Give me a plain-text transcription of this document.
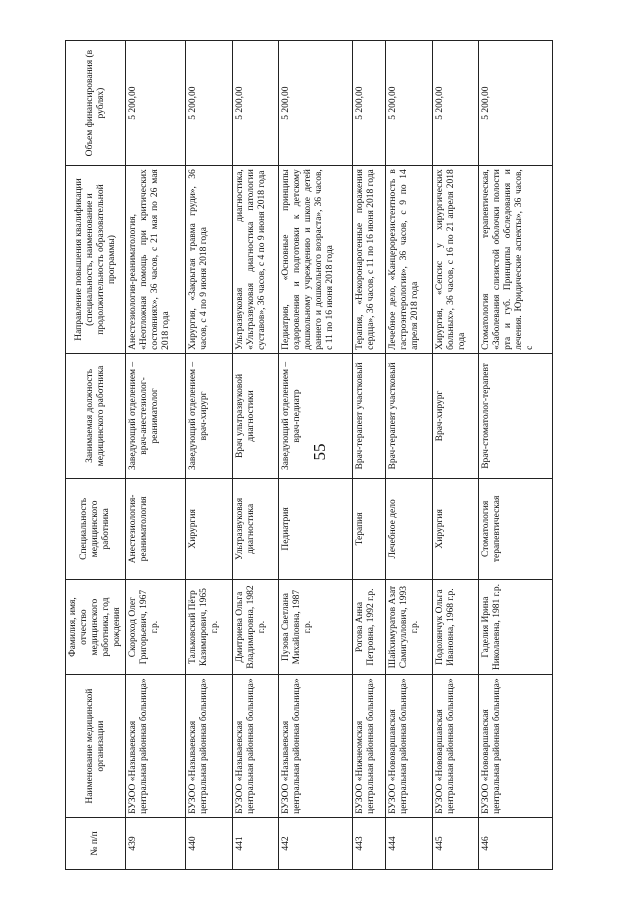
55
№ п/п	Наименование медицинской организации	Фамилия, имя, отчество медицинского работника, год рождения	Специальность медицинского работника	Занимаемая должность медицинского работника	Направление повышения квалификации (специальность, наименование и продолжительность образовательной программы)	Объем финансирования (в рублях)
439	БУЗОО «Называевская центральная районная больница»	Скороход Олег Григорьевич, 1967 г.р.	Анестезиология-реаниматология	Заведующий отделением – врач-анестезиолог-реаниматолог	Анестезиология-реаниматология, «Неотложная помощь при критических состояниях», 36 часов, с 21 мая по 26 мая 2018 года	5 200,00
440	БУЗОО «Называевская центральная районная больница»	Тальковский Пётр Казимирович, 1965 г.р.	Хирургия	Заведующий отделением – врач-хирург	Хирургия, «Закрытая травма груди», 36 часов, с 4 по 9 июня 2018 года	5 200,00
441	БУЗОО «Называевская центральная районная больница»	Дмитриева Ольга Владимировна, 1982 г.р.	Ультразвуковая диагностика	Врач ультразвуковой диагностики	Ультразвуковая диагностика, «Ультразвуковая диагностика патологии суставов», 36 часов, с 4 по 9 июня 2018 года	5 200,00
442	БУЗОО «Называевская центральная районная больница»	Пузова Светлана Михайловна, 1987 г.р.	Педиатрия	Заведующий отделением – врач-педиатр	Педиатрия, «Основные принципы оздоровления и подготовки к детскому дошкольному учреждению и школе детей раннего и дошкольного возраста», 36 часов, с 11 по 16 июня 2018 года	5 200,00
443	БУЗОО «Нижнеомская центральная районная больница»	Рогова Анна Петровна, 1992 г.р.	Терапия	Врач-терапевт участковый	Терапия, «Некоронарогенные поражения сердца», 36 часов, с 11 по 16 июня 2018 года	5 200,00
444	БУЗОО «Нововаршавская центральная районная больница»	Шайхимуратов Азат Самигуллович, 1993 г.р.	Лечебное дело	Врач-терапевт участковый	Лечебное дело, «Канцерорезистентность в гастроэнтерологии», 36 часов, с 9 по 14 апреля 2018 года	5 200,00
445	БУЗОО «Нововаршавская центральная районная больница»	Подолянчук Ольга Ивановна, 1968 г.р.	Хирургия	Врач-хирург	Хирургия, «Сепсис у хирургических больных», 36 часов, с 16 по 21 апреля 2018 года	5 200,00
446	БУЗОО «Нововаршавская центральная районная больница»	Гаделия Ирина Николаевна, 1981 г.р.	Стоматология терапевтическая	Врач-стоматолог-терапевт	Стоматология терапевтическая, «Заболевания слизистой оболочки полости рта и губ. Принципы обследования и лечения. Юридические аспекты», 36 часов, с	5 200,00
